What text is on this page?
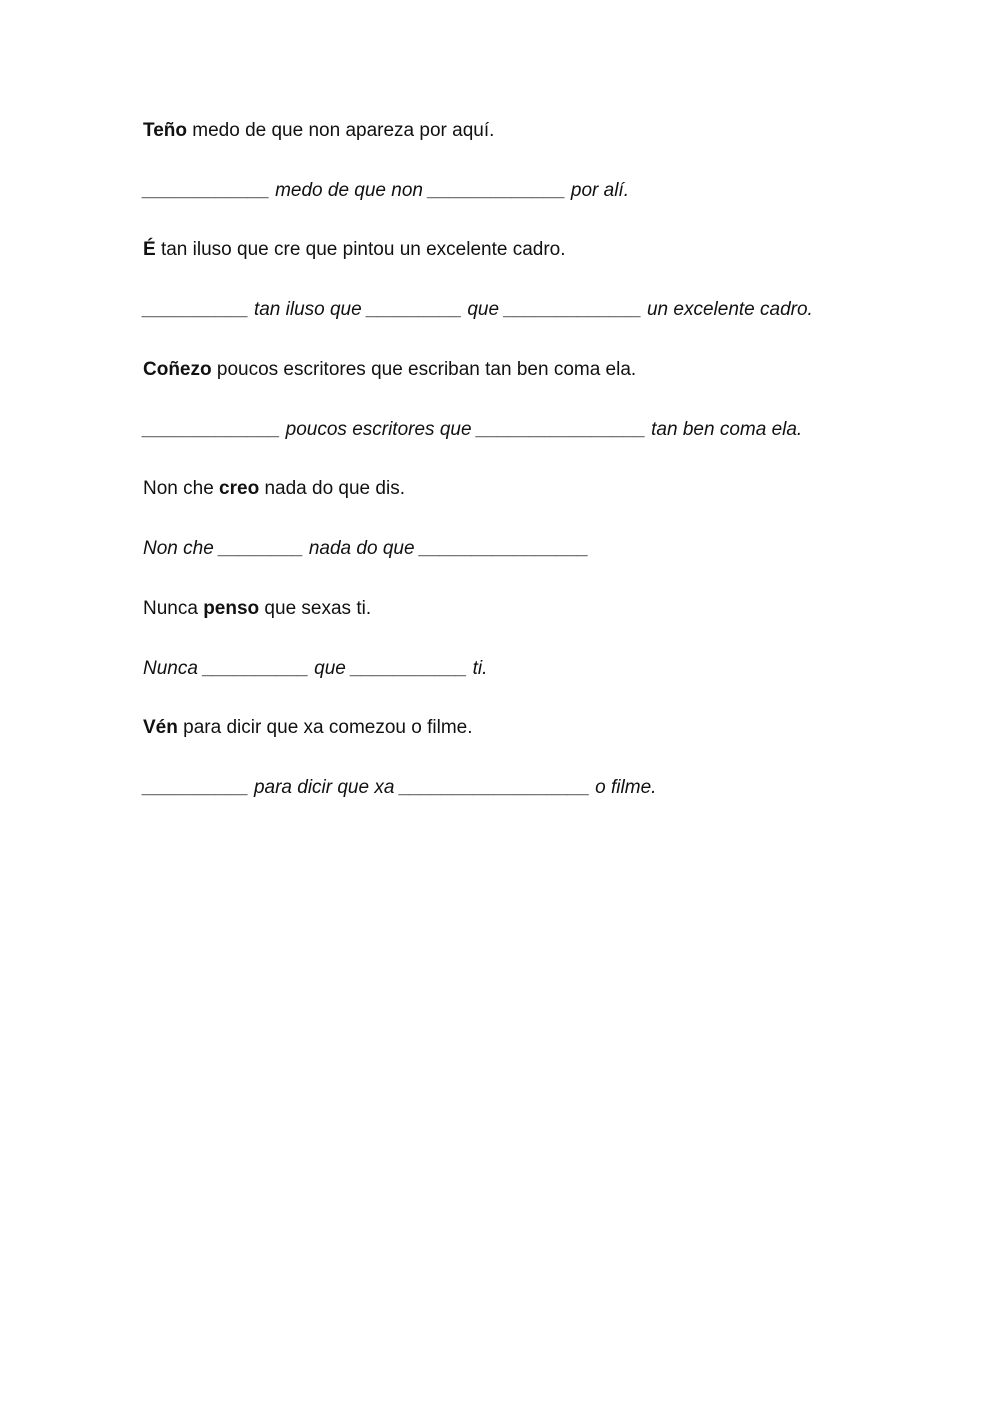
Teño medo de que non apareza por aquí.
____________ medo de que non _____________ por alí.
É tan iluso que cre que pintou un excelente cadro.
__________ tan iluso que _________ que _____________ un excelente cadro.
Coñezo poucos escritores que escriban tan ben coma ela.
_____________ poucos escritores que ________________ tan ben coma ela.
Non che creo nada do que dis.
Non che ________ nada do que ________________
Nunca penso que sexas ti.
Nunca __________ que ___________ ti.
Vén para dicir que xa comezou o filme.
__________ para dicir que xa __________________ o filme.
